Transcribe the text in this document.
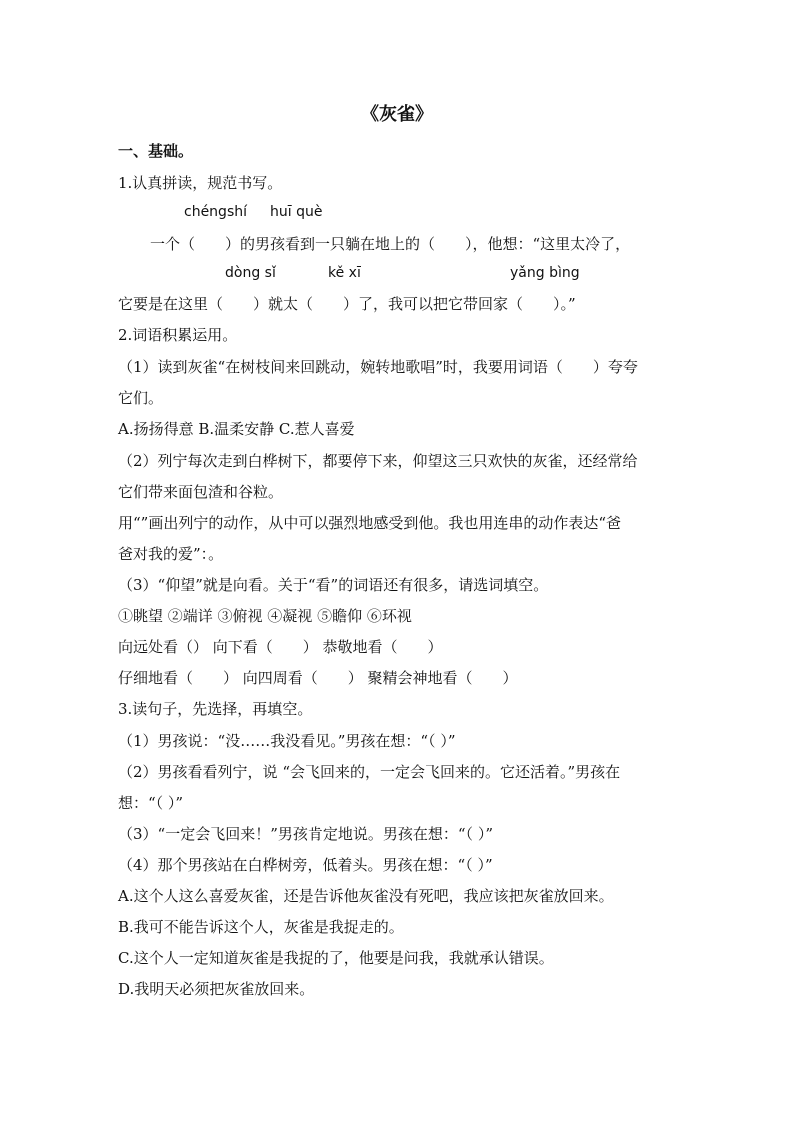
《灰雀》
一、基础。
1.认真拼读，规范书写。
chéngshí huī què
一个（　　）的男孩看到一只躺在地上的（　　），他想：“这里太冷了，
dòng sǐ	kě xī	yǎng bìng
它要是在这里（　　）就太（　　）了，我可以把它带回家（　　）。”
2.词语积累运用。
（1）读到灰雀“在树枝间来回跳动，婉转地歌唱”时，我要用词语（　　）夸夸
它们。
A.扬扬得意 B.温柔安静 C.惹人喜爱
（2）列宁每次走到白桦树下，都要停下来，仰望这三只欢快的灰雀，还经常给
它们带来面包渣和谷粒。
用“”画出列宁的动作，从中可以强烈地感受到他。我也用连串的动作表达“爸
爸对我的爱”：。
（3）“仰望”就是向看。关于“看”的词语还有很多，请选词填空。
①眺望 ②端详 ③俯视 ④凝视 ⑤瞻仰 ⑥环视
向远处看（） 向下看（　　） 恭敬地看（　　）
仔细地看（　　） 向四周看（　　） 聚精会神地看（　　）
3.读句子，先选择，再填空。
（1）男孩说：“没……我没看见。”男孩在想：“（ ）”
（2）男孩看看列宁，说 “会飞回来的，一定会飞回来的。它还活着。”男孩在
想：“（ ）”
（3）“一定会飞回来！”男孩肯定地说。男孩在想：“（ ）”
（4）那个男孩站在白桦树旁，低着头。男孩在想：“（ ）”
A.这个人这么喜爱灰雀，还是告诉他灰雀没有死吧，我应该把灰雀放回来。
B.我可不能告诉这个人，灰雀是我捉走的。
C.这个人一定知道灰雀是我捉的了，他要是问我，我就承认错误。
D.我明天必须把灰雀放回来。
